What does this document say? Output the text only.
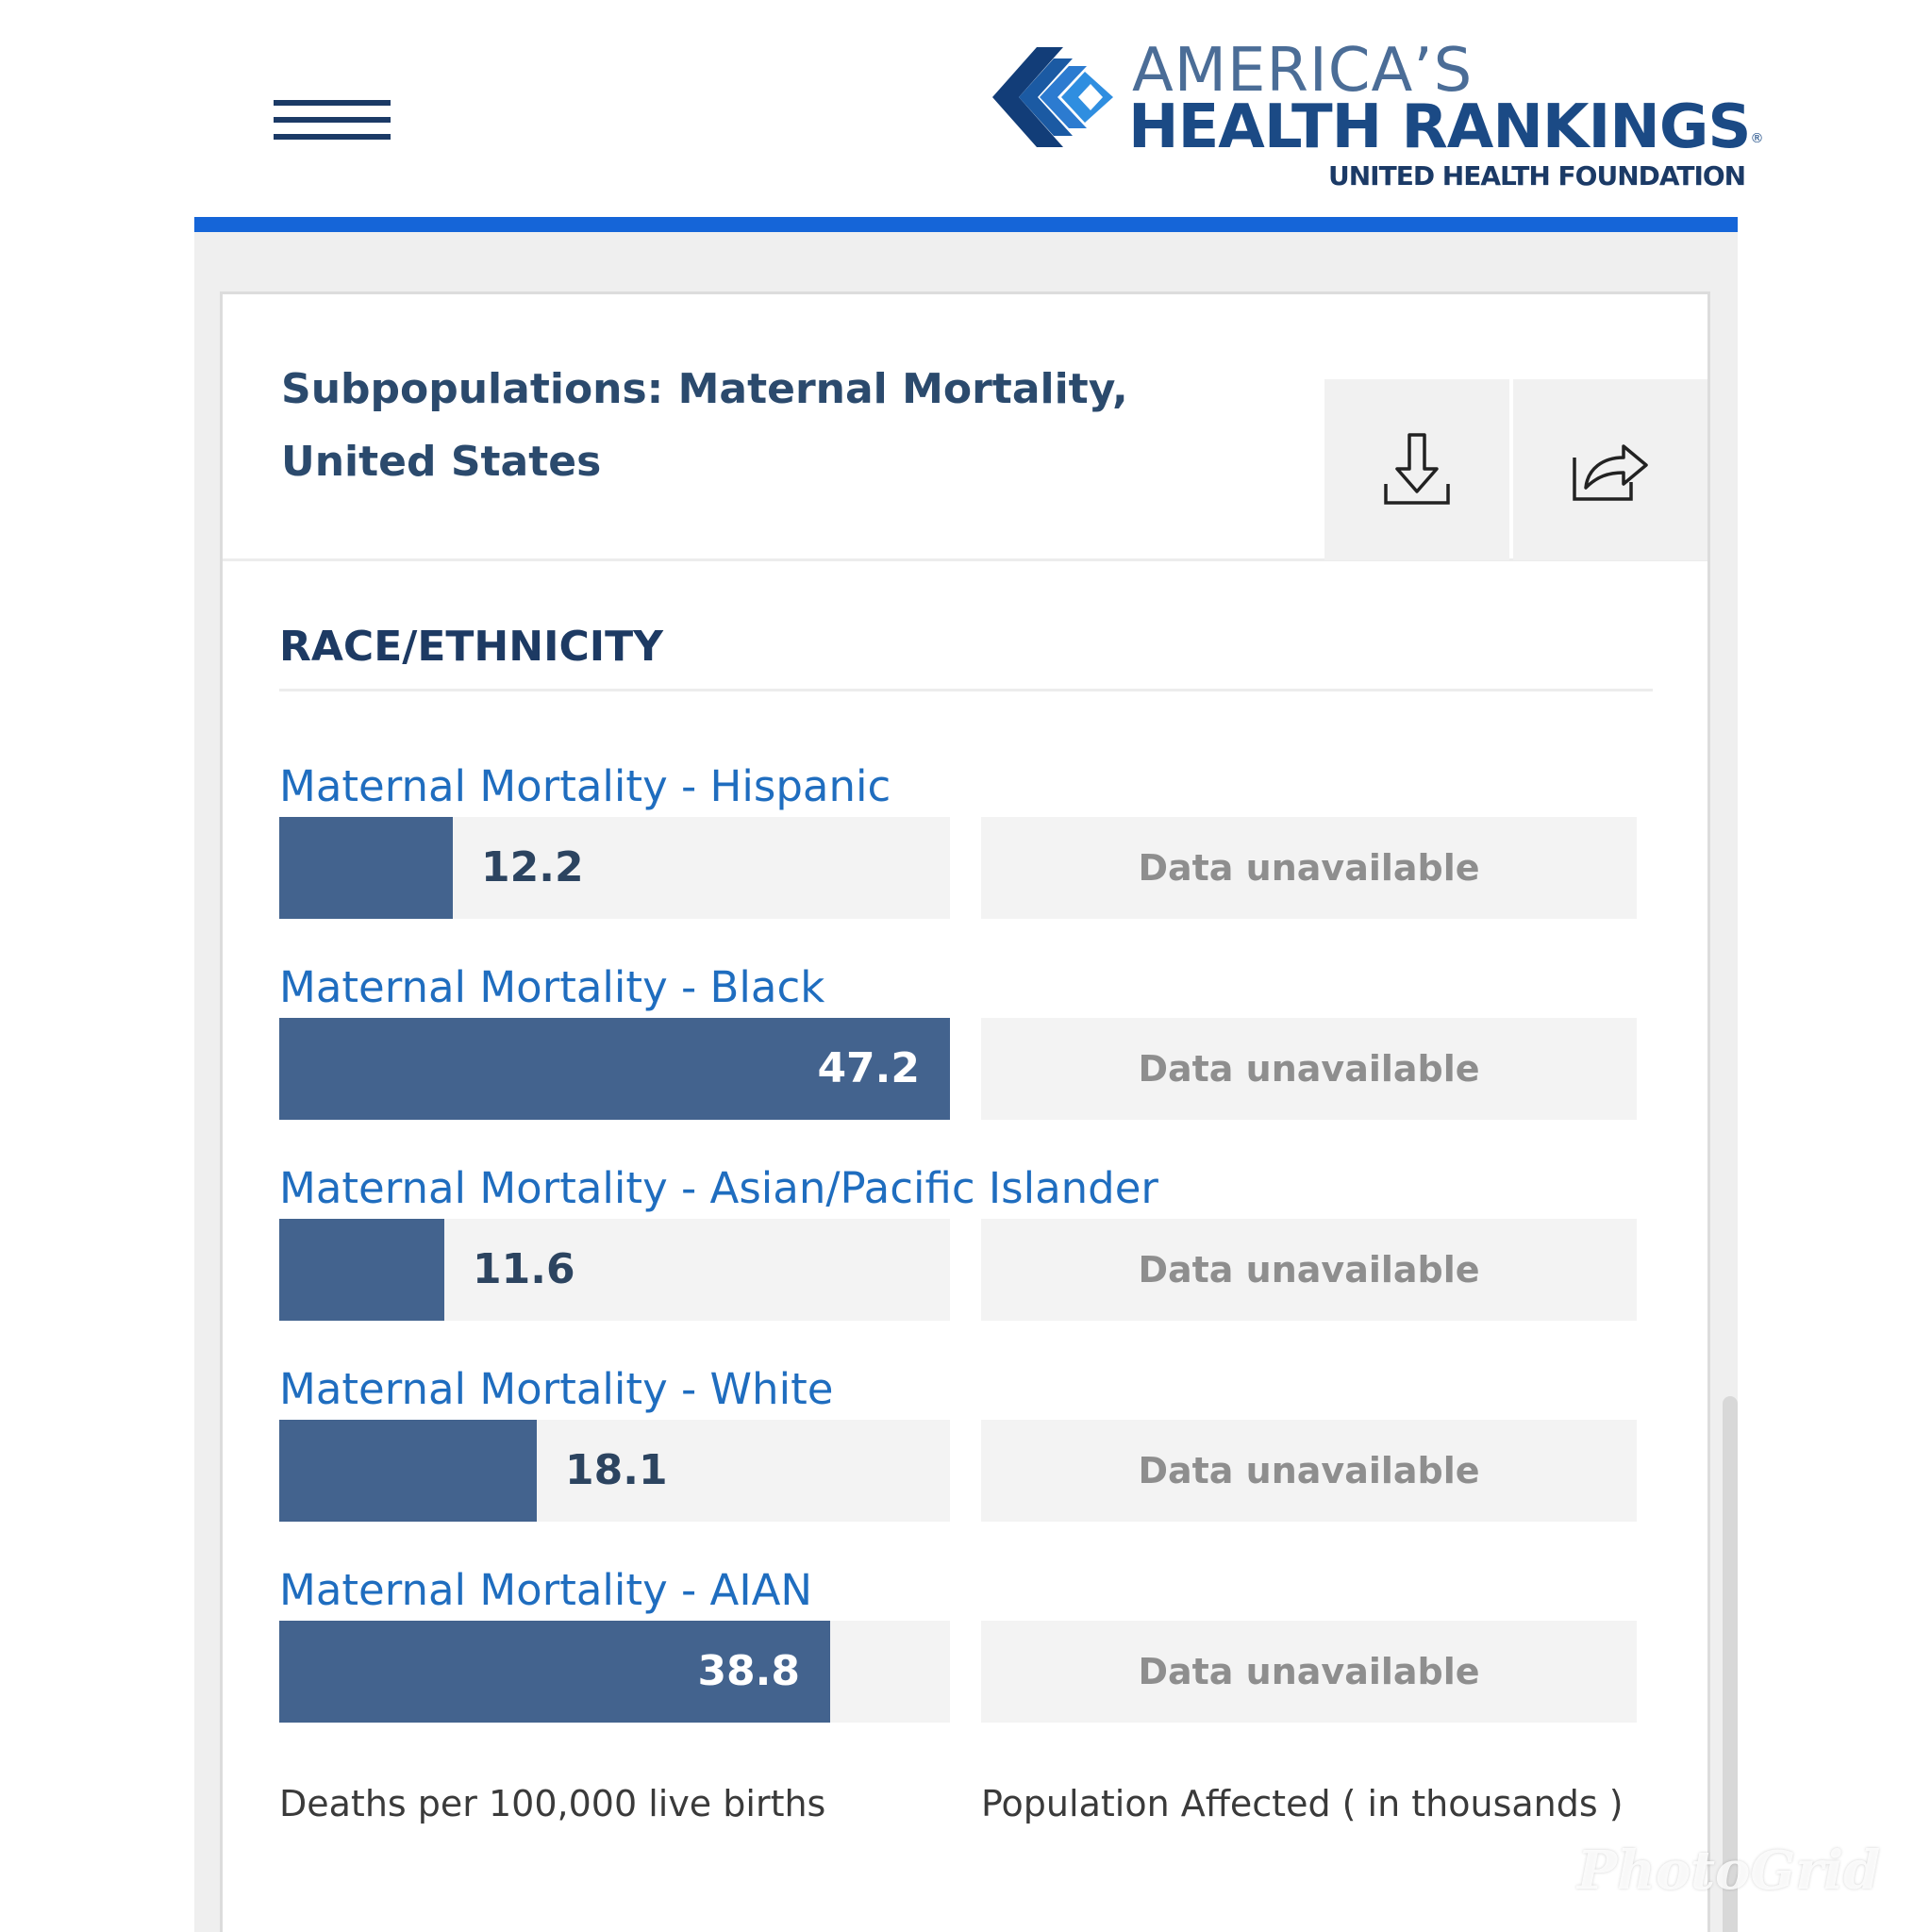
AMERICA’S
HEALTH RANKINGS®
UNITED HEALTH FOUNDATION
Subpopulations: Maternal Mortality, United States
RACE/ETHNICITY
Maternal Mortality - Hispanic
12.2	Data unavailable
Maternal Mortality - Black
47.2	Data unavailable
Maternal Mortality - Asian/Pacific Islander
11.6	Data unavailable
Maternal Mortality - White
18.1	Data unavailable
Maternal Mortality - AIAN
38.8	Data unavailable
Deaths per 100,000 live births	Population Affected ( in thousands )
PhotoGrid
